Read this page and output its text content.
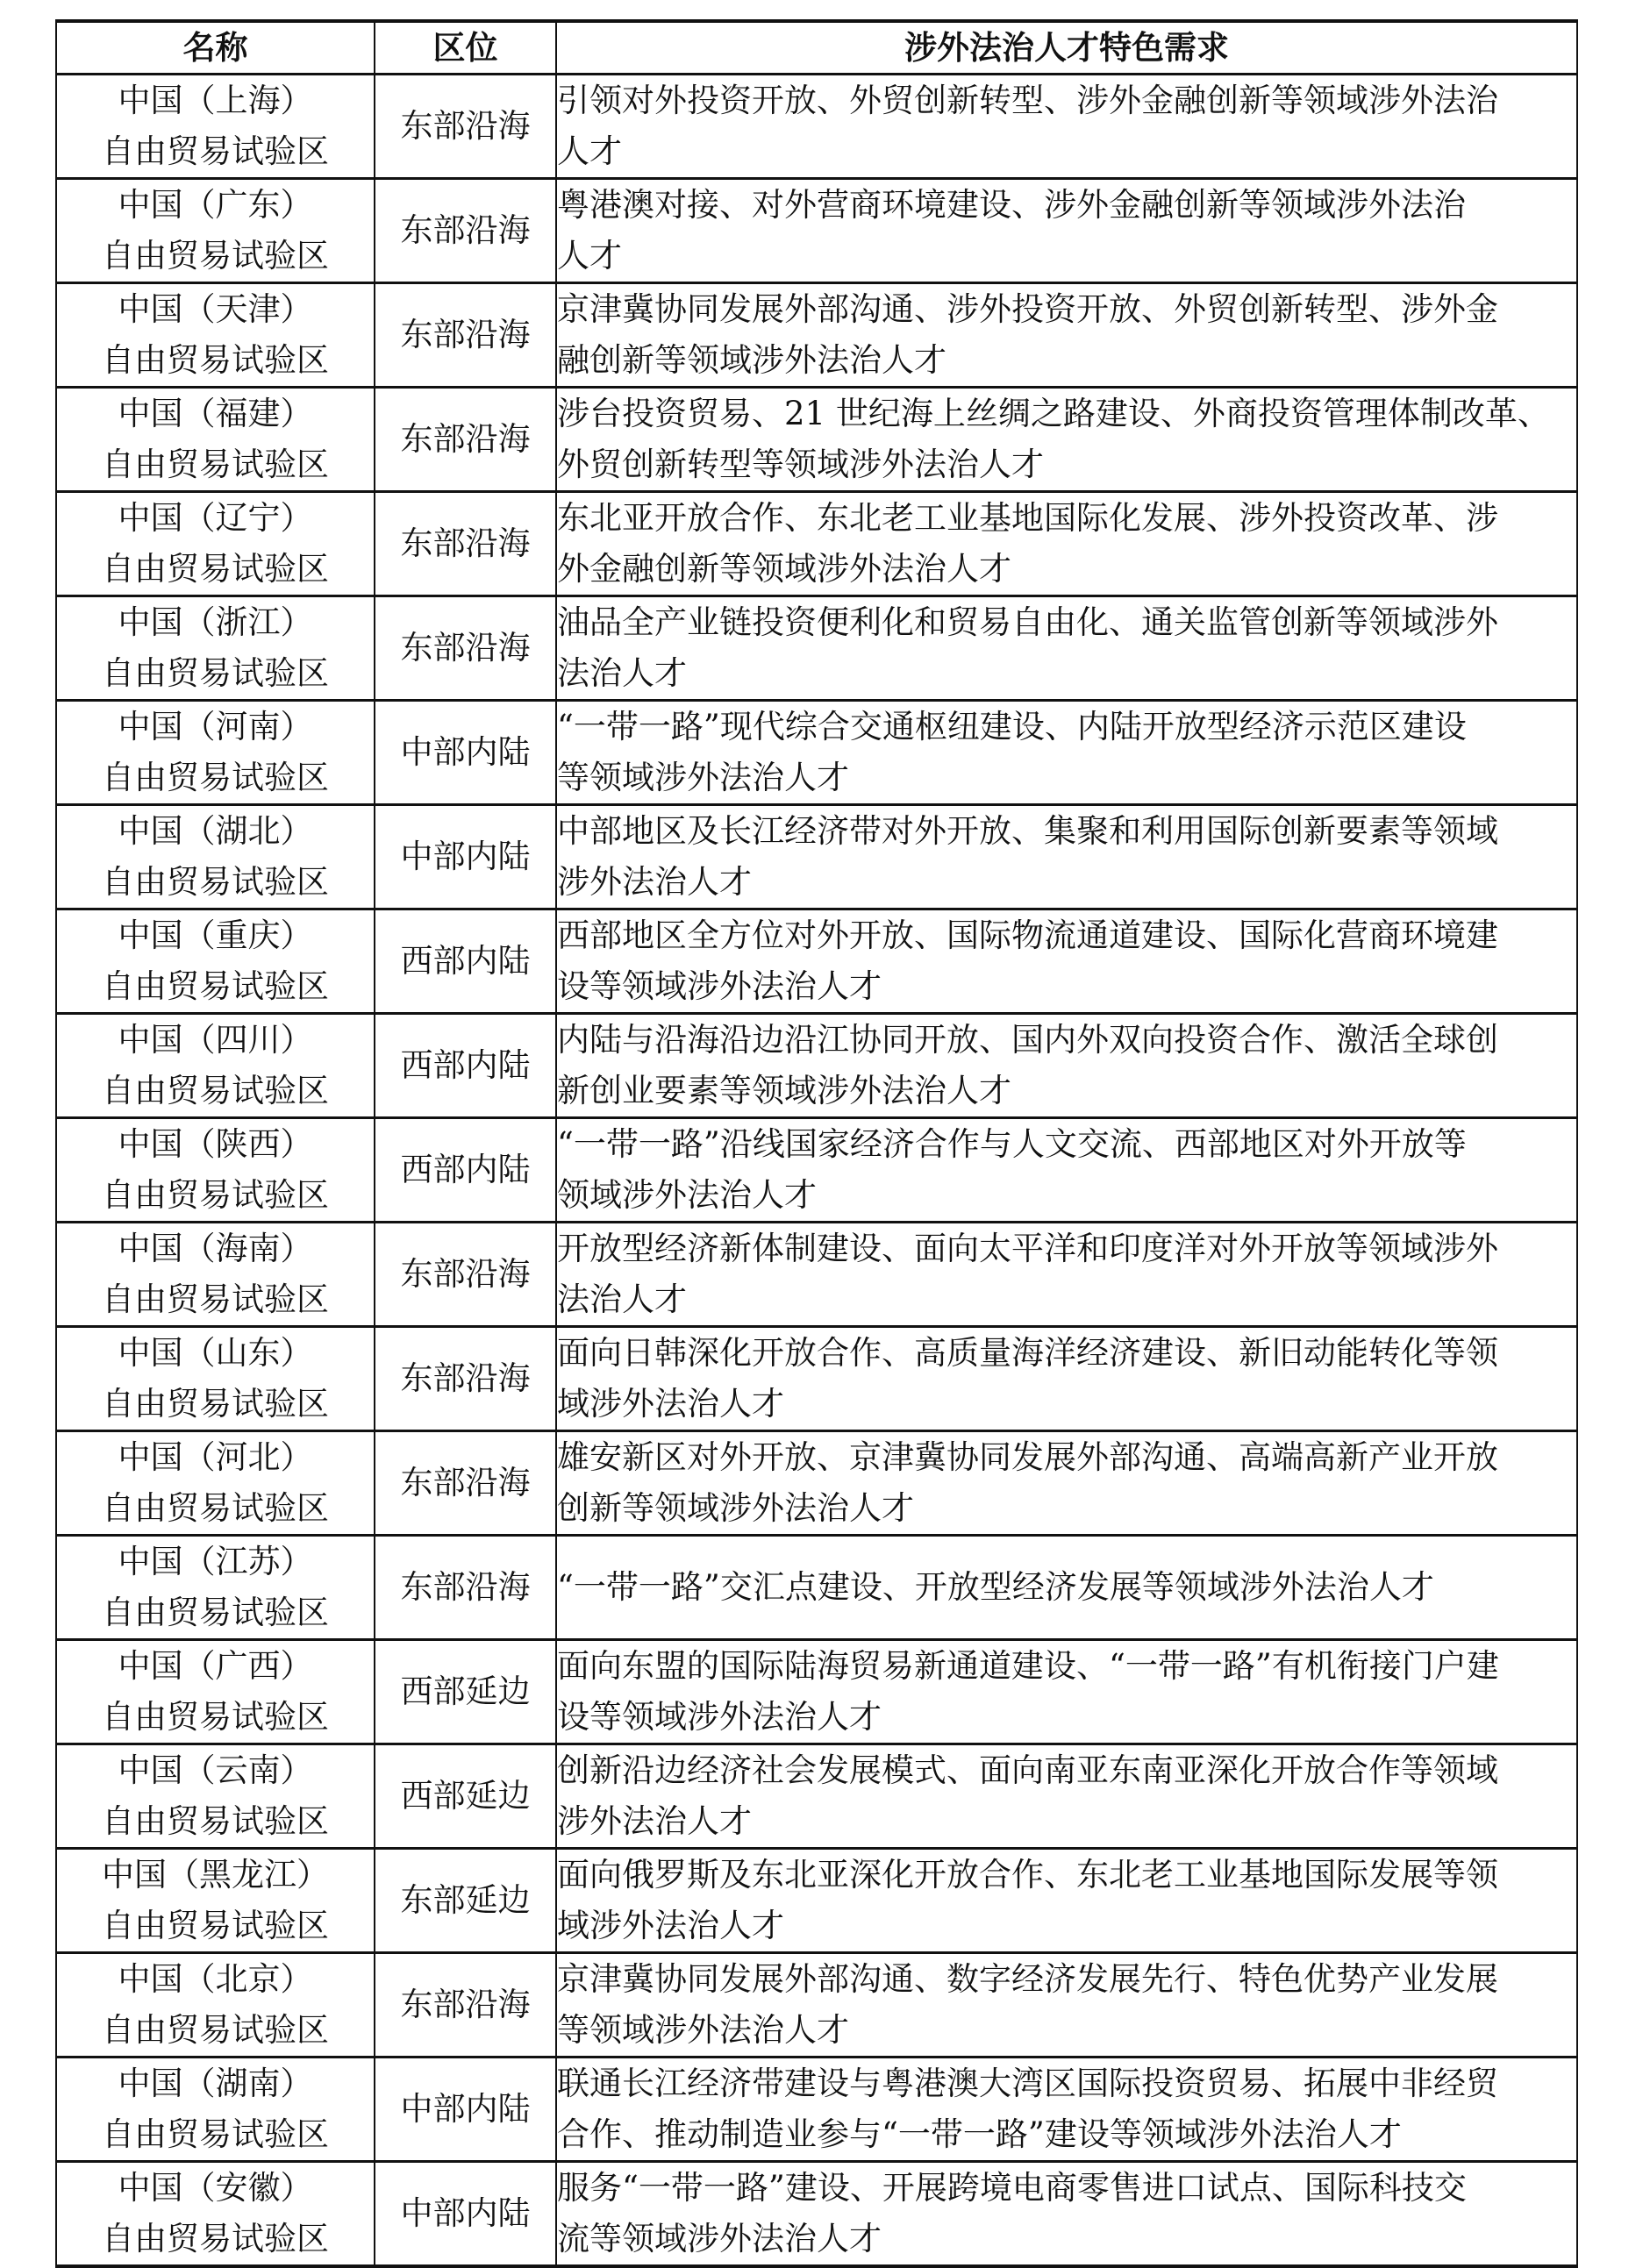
名称	区位	涉外法治人才特色需求

中国（上海）
自由贸易试验区	东部沿海	引领对外投资开放、外贸创新转型、涉外金融创新等领域涉外法治
人才

中国（广东）
自由贸易试验区	东部沿海	粤港澳对接、对外营商环境建设、涉外金融创新等领域涉外法治
人才

中国（天津）
自由贸易试验区	东部沿海	京津冀协同发展外部沟通、涉外投资开放、外贸创新转型、涉外金
融创新等领域涉外法治人才

中国（福建）
自由贸易试验区	东部沿海	涉台投资贸易、21 世纪海上丝绸之路建设、外商投资管理体制改革、
外贸创新转型等领域涉外法治人才

中国（辽宁）
自由贸易试验区	东部沿海	东北亚开放合作、东北老工业基地国际化发展、涉外投资改革、涉
外金融创新等领域涉外法治人才

中国（浙江）
自由贸易试验区	东部沿海	油品全产业链投资便利化和贸易自由化、通关监管创新等领域涉外
法治人才

中国（河南）
自由贸易试验区	中部内陆	“一带一路”现代综合交通枢纽建设、内陆开放型经济示范区建设
等领域涉外法治人才

中国（湖北）
自由贸易试验区	中部内陆	中部地区及长江经济带对外开放、集聚和利用国际创新要素等领域
涉外法治人才

中国（重庆）
自由贸易试验区	西部内陆	西部地区全方位对外开放、国际物流通道建设、国际化营商环境建
设等领域涉外法治人才

中国（四川）
自由贸易试验区	西部内陆	内陆与沿海沿边沿江协同开放、国内外双向投资合作、激活全球创
新创业要素等领域涉外法治人才

中国（陕西）
自由贸易试验区	西部内陆	“一带一路”沿线国家经济合作与人文交流、西部地区对外开放等
领域涉外法治人才

中国（海南）
自由贸易试验区	东部沿海	开放型经济新体制建设、面向太平洋和印度洋对外开放等领域涉外
法治人才

中国（山东）
自由贸易试验区	东部沿海	面向日韩深化开放合作、高质量海洋经济建设、新旧动能转化等领
域涉外法治人才

中国（河北）
自由贸易试验区	东部沿海	雄安新区对外开放、京津冀协同发展外部沟通、高端高新产业开放
创新等领域涉外法治人才

中国（江苏）
自由贸易试验区	东部沿海	“一带一路”交汇点建设、开放型经济发展等领域涉外法治人才

中国（广西）
自由贸易试验区	西部延边	面向东盟的国际陆海贸易新通道建设、“一带一路”有机衔接门户建
设等领域涉外法治人才

中国（云南）
自由贸易试验区	西部延边	创新沿边经济社会发展模式、面向南亚东南亚深化开放合作等领域
涉外法治人才

中国（黑龙江）
自由贸易试验区	东部延边	面向俄罗斯及东北亚深化开放合作、东北老工业基地国际发展等领
域涉外法治人才

中国（北京）
自由贸易试验区	东部沿海	京津冀协同发展外部沟通、数字经济发展先行、特色优势产业发展
等领域涉外法治人才

中国（湖南）
自由贸易试验区	中部内陆	联通长江经济带建设与粤港澳大湾区国际投资贸易、拓展中非经贸
合作、推动制造业参与“一带一路”建设等领域涉外法治人才

中国（安徽）
自由贸易试验区	中部内陆	服务“一带一路”建设、开展跨境电商零售进口试点、国际科技交
流等领域涉外法治人才
